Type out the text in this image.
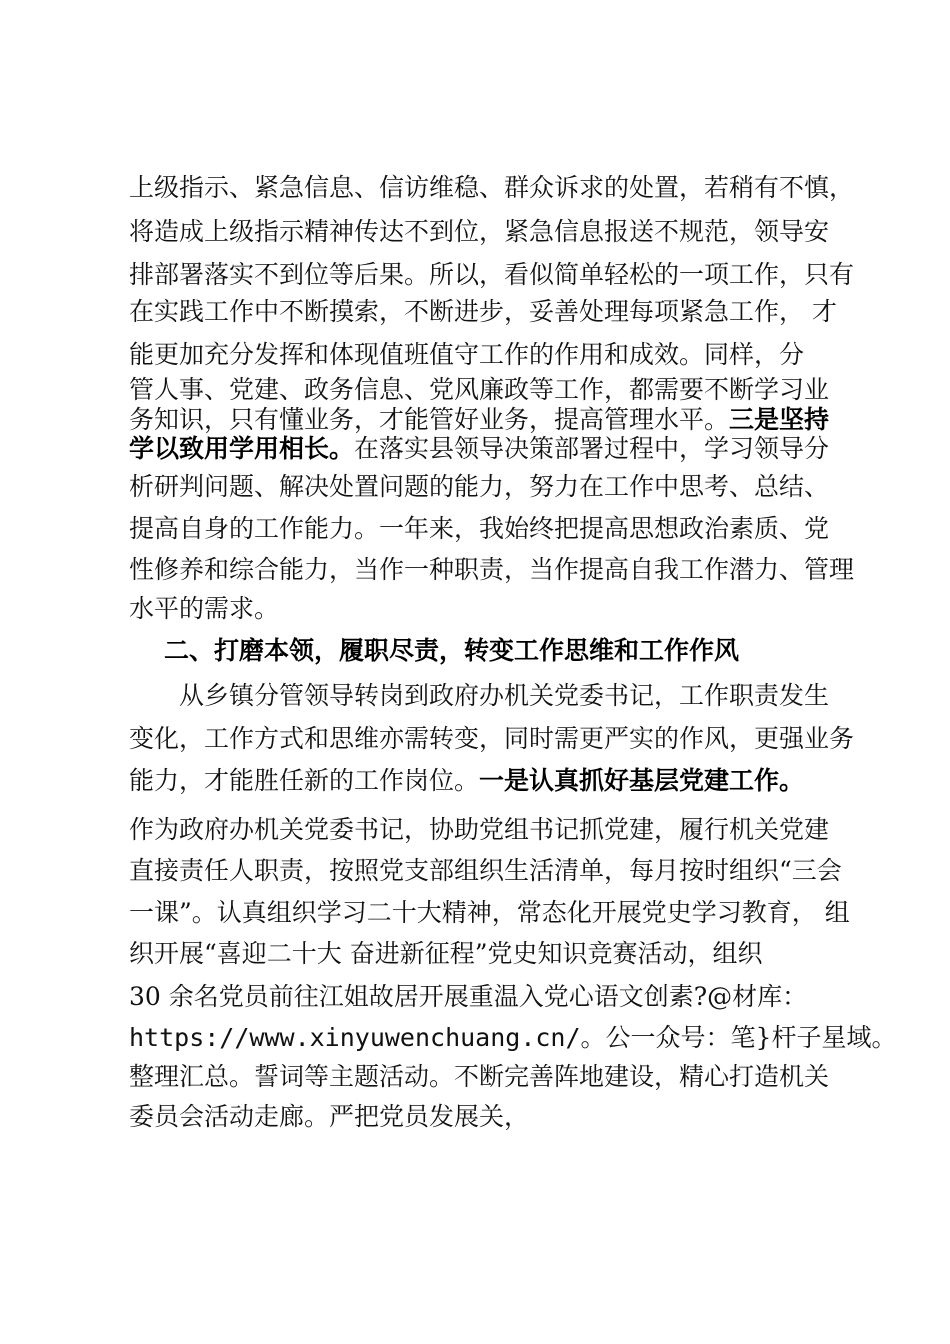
上级指示、紧急信息、信访维稳、群众诉求的处置，若稍有不慎，
将造成上级指示精神传达不到位，紧急信息报送不规范，领导安
排部署落实不到位等后果。所以，看似简单轻松的一项工作，只有
在实践工作中不断摸索，不断进步，妥善处理每项紧急工作， 才
能更加充分发挥和体现值班值守工作的作用和成效。同样，分
管人事、党建、政务信息、党风廉政等工作，都需要不断学习业
务知识，只有懂业务，才能管好业务，提高管理水平。三是坚持
学以致用学用相长。在落实县领导决策部署过程中，学习领导分
析研判问题、解决处置问题的能力，努力在工作中思考、总结、
提高自身的工作能力。一年来，我始终把提高思想政治素质、党
性修养和综合能力，当作一种职责，当作提高自我工作潜力、管理
水平的需求。
二、打磨本领，履职尽责，转变工作思维和工作作风
从乡镇分管领导转岗到政府办机关党委书记，工作职责发生
变化，工作方式和思维亦需转变，同时需更严实的作风，更强业务
能力，才能胜任新的工作岗位。一是认真抓好基层党建工作。
作为政府办机关党委书记，协助党组书记抓党建，履行机关党建
直接责任人职责，按照党支部组织生活清单，每月按时组织“三会
一课”。认真组织学习二十大精神，常态化开展党史学习教育， 组
织开展“喜迎二十大 奋进新征程”党史知识竞赛活动，组织
30 余名党员前往江姐故居开展重温入党心语文创素?@材库：
https://www.xinyuwenchuang.cn/。公一众号：笔}杆子星域。
整理汇总。誓词等主题活动。不断完善阵地建设，精心打造机关
委员会活动走廊。严把党员发展关，
